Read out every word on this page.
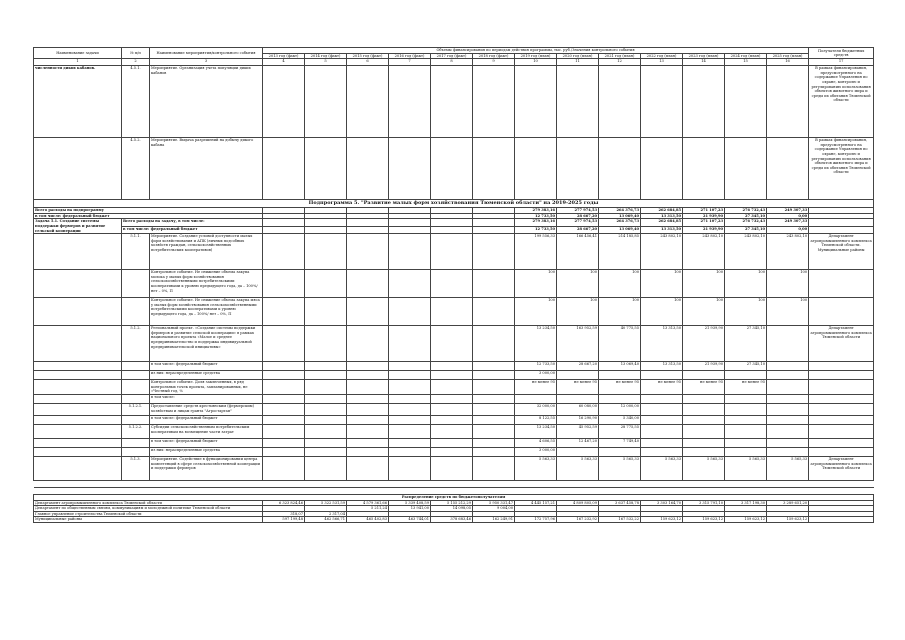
Наименование задачи	№ п/п	Наименование мероприятия/контрольного события	Объемы финансирования по периодам действия программы, тыс. руб./Значения контрольного события													Получатели бюджетных средств
			2013 год (факт)	2014 год (факт)	2015 год (факт)	2016 год (факт)	2017 год (факт)	2018 год (факт)	2019 год (план)	2020 год (план)	2021 год (план)	2022 год (план)	2023 год (план)	2024 год (план)	2025 год (план)	
1	2	3	4	5	6	7	8	9	10	11	12	13	14	15	16	17
численности диких кабанов.	4.5.1.	Мероприятие. Организация учета популяции диких кабанов														В рамках финансирования, предусмотренного на содержание Управления по охране, контролю и регулированию использования объектов животного мира и среды их обитания Тюменской области
	4.5.2.	Мероприятие. Выдача разрешений на добычу дикого кабана														В рамках финансирования, предусмотренного на содержание Управления по охране, контролю и регулированию использования объектов животного мира и среды их обитания Тюменской области
Подпрограмма 5. "Развитие малых форм хозяйствования Тюменской области" на 2019-2025 годы																
Всего расходы на подпрограмму									279 383,16	277 974,53	264 376,73	262 684,85	271 107,23	276 732,43	249 307,33	
в том числе: федеральный бюджет									12 733,50	28 667,20	13 069,40	13 313,50	21 939,90	27 345,10	0,00	
Задача 5.1. Создание системы поддержки фермеров и развитие сельской кооперации	Всего расходы на задачу, в том числе:								279 383,16	277 974,53	264 376,73	262 684,85	271 107,23	276 732,43	249 307,33	
	в том числе: федеральный бюджет								12 733,50	28 667,20	13 069,40	13 313,50	21 939,90	27 345,10	0,00	
	5.1.1.	Мероприятие. Создание условий доступности малых форм хозяйствования и АПК (личных подсобных хозяйств граждан, сельскохозяйственных потребительских кооперативов)							199 556,33	166 456,41	214 185,85	243 802,10	243 802,10	243 802,10	243 802,10	Департамент агропромышленного комплекса Тюменской области. Муниципальные районы
		Контрольное событие. Не снижение объема закупа молока у малых форм хозяйствования сельскохозяйственными потребительскими кооперативами к уровню предыдущего года, да – 100%/ нет – 0%, П							100	100	100	100	100	100	100	
		Контрольное событие. Не снижение объема закупа мяса у малых форм хозяйствования сельскохозяйственными потребительскими кооперативами к уровню предыдущего года, да – 100%/ нет – 0%, П							100	100	100	100	100	100	100	
	5.1.2.	Региональный проект. «Создание системы поддержки фермеров и развитие сельской кооперации» в рамках национального проекта «Малое и среднее предпринимательство и поддержка индивидуальной предпринимательской инициативы»							13 234,50	163 952,59	40 775,55	13 313,50	21 939,90	27 345,10		Департамент агропромышленного комплекса Тюменской области
		в том числе: федеральный бюджет							12 733,50	28 667,20	13 069,40	13 313,50	21 939,90	27 345,10		
		из них: нераспределенные средства							3 000,00							
		Контрольное событие. Доля заключенных, в ряд контрольных точек проекта, запланированных, не «Честный год, %							не менее 95	не менее 95	не менее 95	не менее 95	не менее 95	не менее 95		
		в том числе:														
	5.1.2.1.	Предоставление средств крестьянским (фермерским) хозяйствам и лицам гранта "Агростартап"							32 000,00	60 080,00	12 000,00					
		в том числе: федеральный бюджет							8 122,55	16 290,90	5 340,00					
	5.1.2.2.	Субсидии сельскохозяйственным потребительским кооперативам на возмещение части затрат							13 234,50	45 952,59	28 775,55					
		в том числе: федеральный бюджет							4 606,55	12 467,20	7 749,40					
		из них: нераспределенные средства							3 000,00							
	5.1.3.	Мероприятие. Содействие в функционировании центра компетенций в сфере сельскохозяйственной кооперации и поддержки фермеров							5 563,33	5 563,33	5 565,33	5 563,33	5 565,33	5 565,33	5 565,33	Департамент агропромышленного комплекса Тюменской области

Распределение средств по бюджетополучателям																
Департамент агропромышленного комплекса Тюменской области			6 323 824,46	5 322 531,59	4 579 361,66	5 339 408,59	5 155 212,29	5 950 331,47	4 445 157,21	4 809 805,09	3 637 458,78	3 303 164,70	3 315 791,10	3 317 198,30	3 289 651,20	
Департамент по общественным связям, коммуникациям и молодежной политике Тюменской области					5 211,24	13 941,00	14 098,05	9 004,00								
Главное управление строительства Тюменской области			318,07	2 317,04												
Муниципальные районы			597 199,48	462 566,71	465 402,83	463 744,01	378 683,46	162 249,91	172 757,96	167 232,92	167 532,22	159 623,12	159 623,12	159 623,12	159 623,12	
